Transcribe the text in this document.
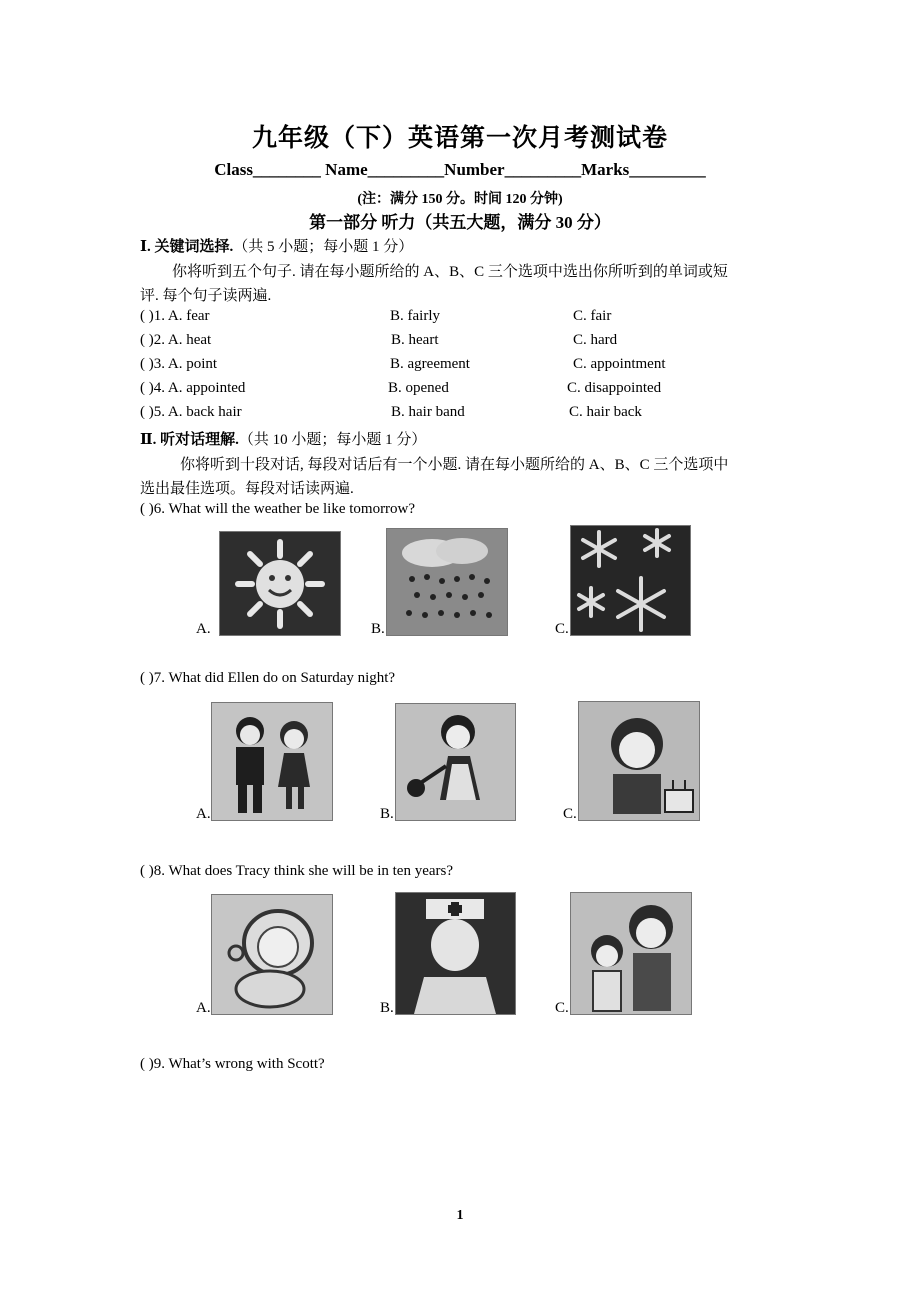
九年级（下）英语第一次月考测试卷
Class________ Name_________Number_________Marks_________
(注：满分 150 分。时间 120 分钟)
第一部分 听力（共五大题，满分 30 分）
Ⅰ. 关键词选择.（共 5 小题；每小题 1 分）
你将听到五个句子. 请在每小题所给的 A、B、C 三个选项中选出你所听到的单词或短
评. 每个句子读两遍.
( )1. A. fear	B. fairly	C. fair
( )2. A. heat	B. heart	C. hard
( )3. A. point	B. agreement	C. appointment
( )4. A. appointed	B. opened	C. disappointed
( )5. A. back hair	B. hair band	C. hair back
Ⅱ. 听对话理解.（共 10 小题；每小题 1 分）
你将听到十段对话, 每段对话后有一个小题. 请在每小题所给的 A、B、C 三个选项中
选出最佳选项。每段对话读两遍.
( )6. What will the weather be like tomorrow?
A.	B.	C.
( )7. What did Ellen do on Saturday night?
A.	B.	C.
( )8. What does Tracy think she will be in ten years?
A.	B.	C.
( )9. What’s wrong with Scott?
1
